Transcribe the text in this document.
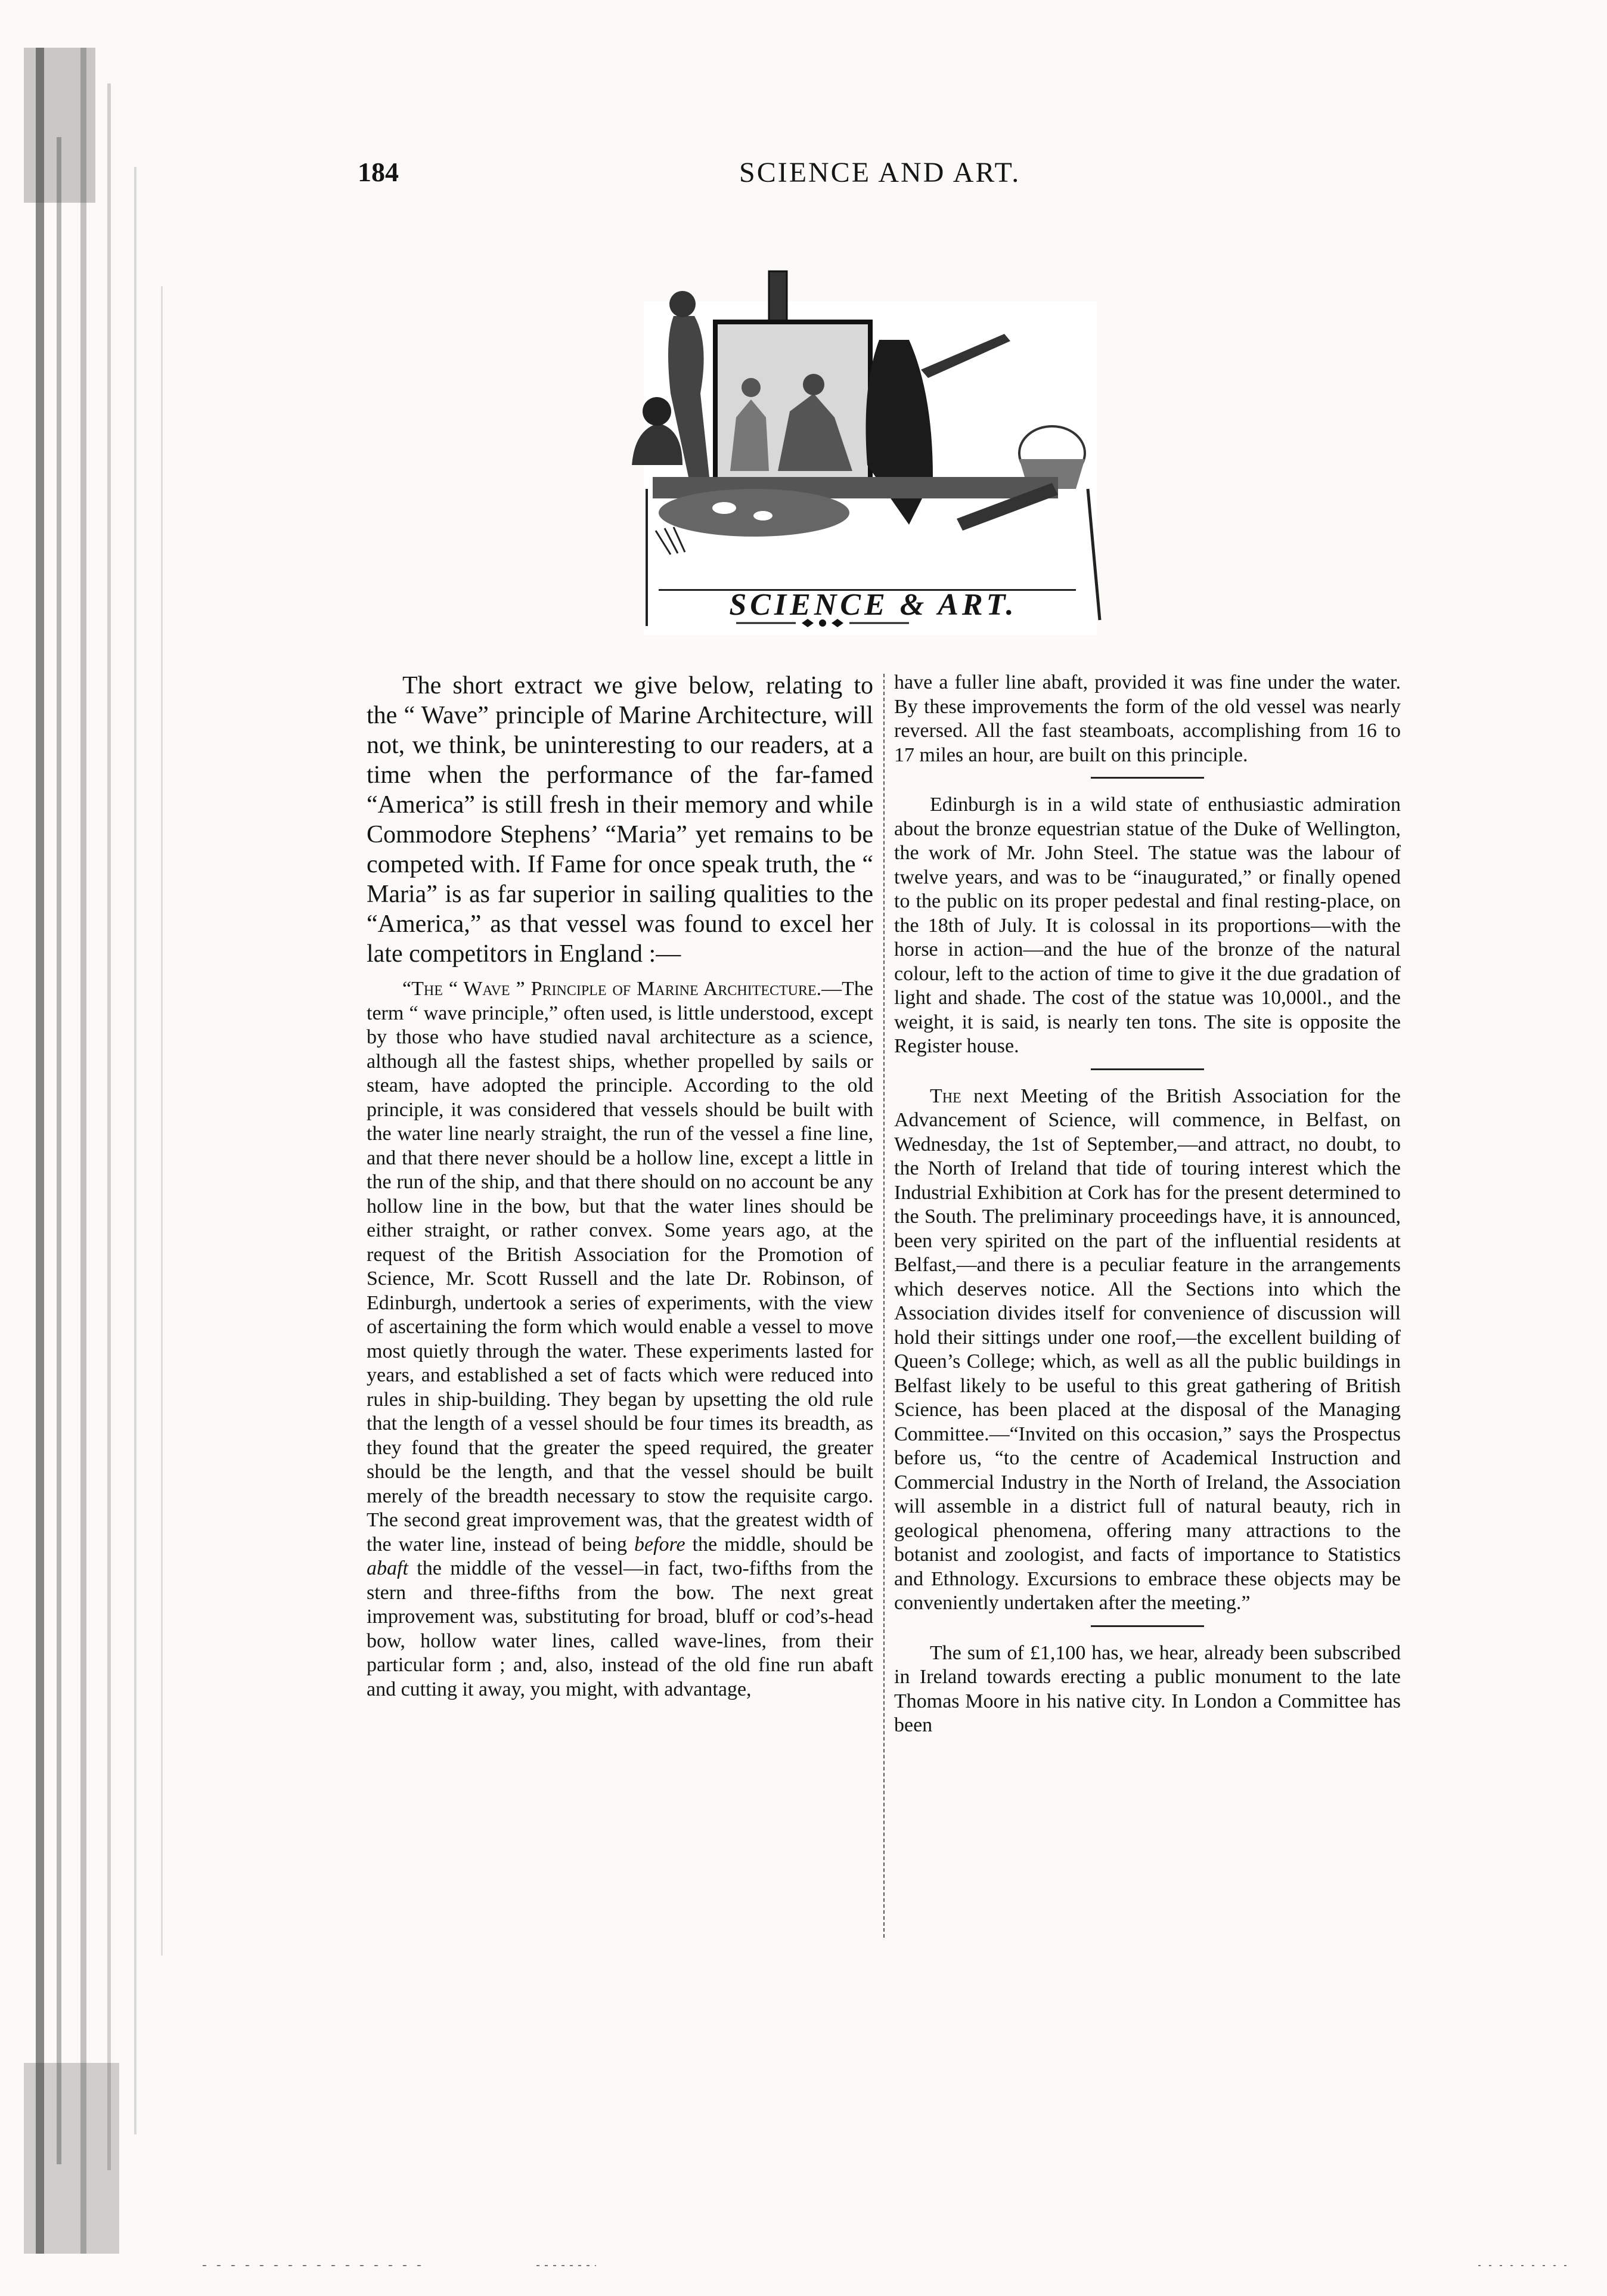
184	SCIENCE AND ART.
SCIENCE & ART.

The short extract we give below, relating to the “ Wave” principle of Marine Architecture, will not, we think, be uninteresting to our readers, at a time when the performance of the far-famed “America” is still fresh in their memory and while Commodore Stephens’ “Maria” yet remains to be competed with. If Fame for once speak truth, the “ Maria” is as far superior in sailing qualities to the “America,” as that vessel was found to excel her late competitors in England :—

“The “ Wave ” Principle of Marine Architecture.—The term “ wave principle,” often used, is little understood, except by those who have studied naval architecture as a science, although all the fastest ships, whether propelled by sails or steam, have adopted the principle. According to the old principle, it was considered that vessels should be built with the water line nearly straight, the run of the vessel a fine line, and that there never should be a hollow line, except a little in the run of the ship, and that there should on no account be any hollow line in the bow, but that the water lines should be either straight, or rather convex. Some years ago, at the request of the British Association for the Promotion of Science, Mr. Scott Russell and the late Dr. Robinson, of Edinburgh, undertook a series of experiments, with the view of ascertaining the form which would enable a vessel to move most quietly through the water. These experiments lasted for years, and established a set of facts which were reduced into rules in ship-building. They began by upsetting the old rule that the length of a vessel should be four times its breadth, as they found that the greater the speed required, the greater should be the length, and that the vessel should be built merely of the breadth necessary to stow the requisite cargo. The second great improvement was, that the greatest width of the water line, instead of being before the middle, should be abaft the middle of the vessel—in fact, two-fifths from the stern and three-fifths from the bow. The next great improvement was, substituting for broad, bluff or cod’s-head bow, hollow water lines, called wave-lines, from their particular form ; and, also, instead of the old fine run abaft and cutting it away, you might, with advantage,

have a fuller line abaft, provided it was fine under the water. By these improvements the form of the old vessel was nearly reversed. All the fast steamboats, accomplishing from 16 to 17 miles an hour, are built on this principle.

Edinburgh is in a wild state of enthusiastic admiration about the bronze equestrian statue of the Duke of Wellington, the work of Mr. John Steel. The statue was the labour of twelve years, and was to be “inaugurated,” or finally opened to the public on its proper pedestal and final resting-place, on the 18th of July. It is colossal in its proportions—with the horse in action—and the hue of the bronze of the natural colour, left to the action of time to give it the due gradation of light and shade. The cost of the statue was 10,000l., and the weight, it is said, is nearly ten tons. The site is opposite the Register house.

The next Meeting of the British Association for the Advancement of Science, will commence, in Belfast, on Wednesday, the 1st of September,—and attract, no doubt, to the North of Ireland that tide of touring interest which the Industrial Exhibition at Cork has for the present determined to the South. The preliminary proceedings have, it is announced, been very spirited on the part of the influential residents at Belfast,—and there is a peculiar feature in the arrangements which deserves notice. All the Sections into which the Association divides itself for convenience of discussion will hold their sittings under one roof,—the excellent building of Queen’s College; which, as well as all the public buildings in Belfast likely to be useful to this great gathering of British Science, has been placed at the disposal of the Managing Committee.—“Invited on this occasion,” says the Prospectus before us, “to the centre of Academical Instruction and Commercial Industry in the North of Ireland, the Association will assemble in a district full of natural beauty, rich in geological phenomena, offering many attractions to the botanist and zoologist, and facts of importance to Statistics and Ethnology. Excursions to embrace these objects may be conveniently undertaken after the meeting.”

The sum of £1,100 has, we hear, already been subscribed in Ireland towards erecting a public monument to the late Thomas Moore in his native city. In London a Committee has been
